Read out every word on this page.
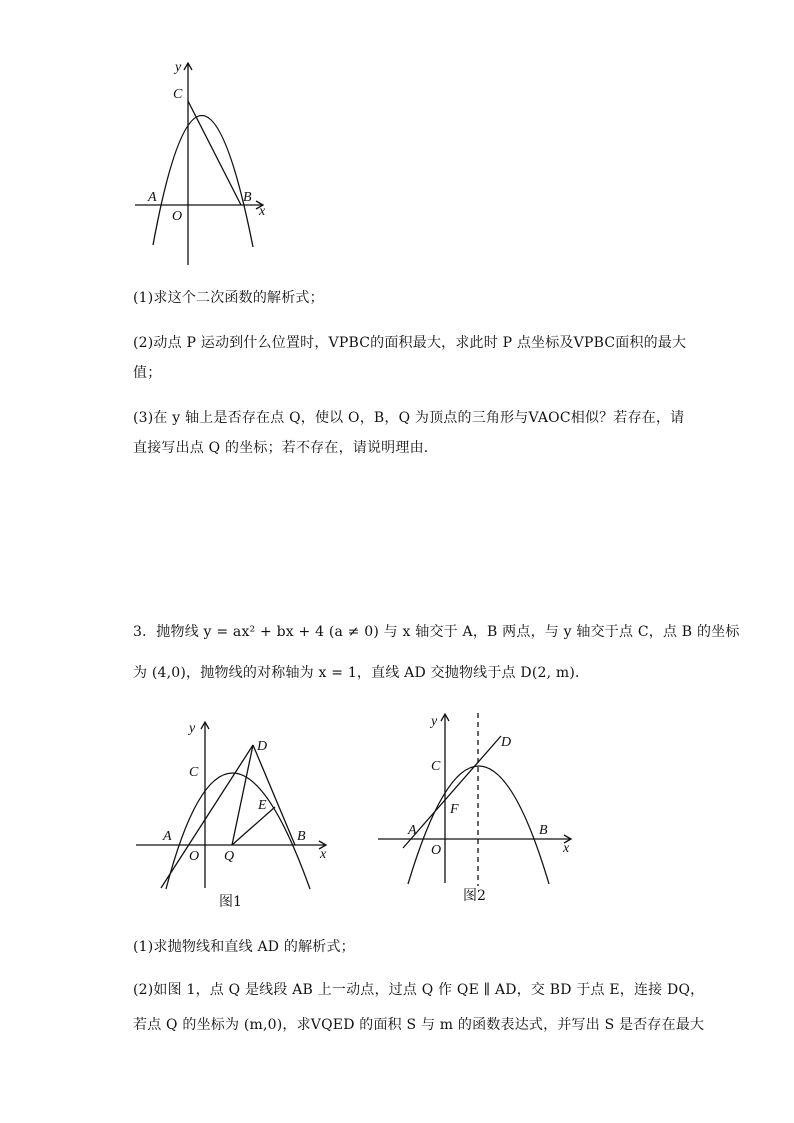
y
C
A	B
O	x
(1)求这个二次函数的解析式；
(2)动点 P 运动到什么位置时，VPBC的面积最大，求此时 P 点坐标及VPBC面积的最大
值；
(3)在 y 轴上是否存在点 Q，使以 O，B，Q 为顶点的三角形与VAOC相似？若存在，请
直接写出点 Q 的坐标；若不存在，请说明理由．
3．抛物线 y = ax² + bx + 4 (a ≠ 0) 与 x 轴交于 A，B 两点，与 y 轴交于点 C，点 B 的坐标
为 (4,0)，抛物线的对称轴为 x = 1，直线 AD 交抛物线于点 D(2, m)．
y
C
D
E
A	B
O Q	x
图1
y
C
D
F
A	B
O	x
图2
(1)求抛物线和直线 AD 的解析式；
(2)如图 1，点 Q 是线段 AB 上一动点，过点 Q 作 QE ∥ AD，交 BD 于点 E，连接 DQ，
若点 Q 的坐标为 (m,0)，求VQED 的面积 S 与 m 的函数表达式，并写出 S 是否存在最大
